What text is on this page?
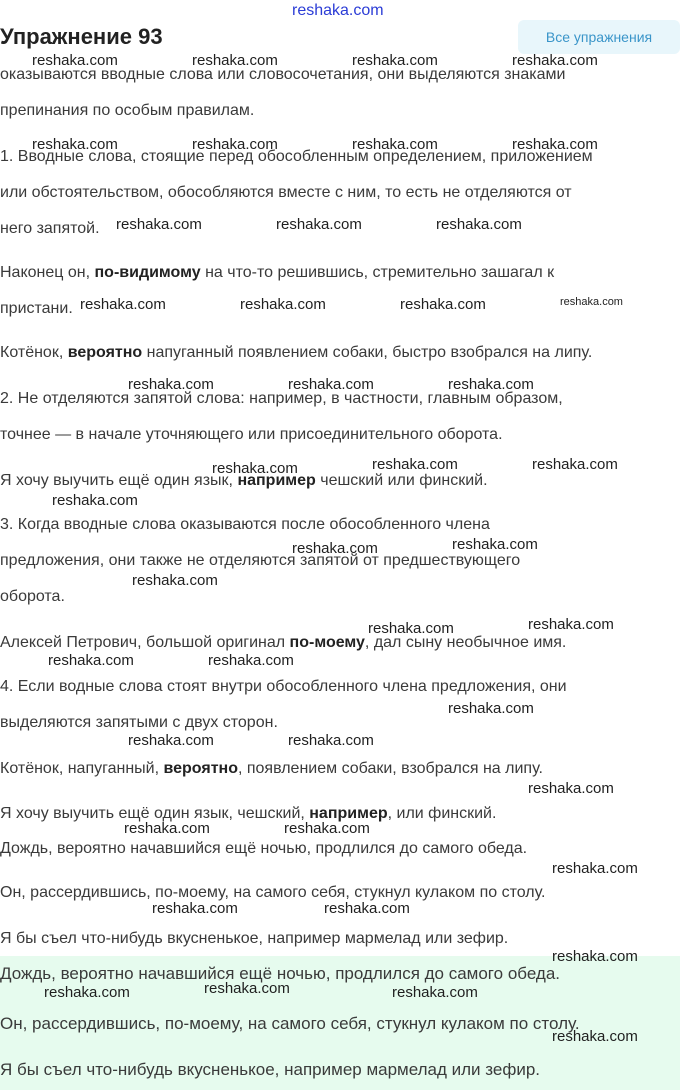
reshaka.com
Упражнение 93	Все упражнения
оказываются вводные слова или словосочетания, они выделяются знаками
препинания по особым правилам.
1. Вводные слова, стоящие перед обособленным определением, приложением
или обстоятельством, обособляются вместе с ним, то есть не отделяются от
него запятой.
Наконец он, по-видимому на что-то решившись, стремительно зашагал к
пристани.
Котёнок, вероятно напуганный появлением собаки, быстро взобрался на липу.
2. Не отделяются запятой слова: например, в частности, главным образом,
точнее — в начале уточняющего или присоединительного оборота.
Я хочу выучить ещё один язык, например чешский или финский.
3. Когда вводные слова оказываются после обособленного члена
предложения, они также не отделяются запятой от предшествующего
оборота.
Алексей Петрович, большой оригинал по-моему, дал сыну необычное имя.
4. Если водные слова стоят внутри обособленного члена предложения, они
выделяются запятыми с двух сторон.
Котёнок, напуганный, вероятно, появлением собаки, взобрался на липу.
Я хочу выучить ещё один язык, чешский, например, или финский.
Дождь, вероятно начавшийся ещё ночью, продлился до самого обеда.
Он, рассердившись, по-моему, на самого себя, стукнул кулаком по столу.
Я бы съел что-нибудь вкусненькое, например мармелад или зефир.
Дождь, вероятно начавшийся ещё ночью, продлился до самого обеда.
Он, рассердившись, по-моему, на самого себя, стукнул кулаком по столу.
Я бы съел что-нибудь вкусненькое, например мармелад или зефир.
reshaka.com	reshaka.com	reshaka.com	reshaka.com
reshaka.com	reshaka.com	reshaka.com	reshaka.com
reshaka.com	reshaka.com	reshaka.com
reshaka.com	reshaka.com	reshaka.com	reshaka.com
reshaka.com	reshaka.com	reshaka.com
reshaka.com	reshaka.com	reshaka.com
reshaka.com
reshaka.com	reshaka.com
reshaka.com
reshaka.com	reshaka.com
reshaka.com	reshaka.com
reshaka.com
reshaka.com	reshaka.com
reshaka.com
reshaka.com	reshaka.com
reshaka.com
reshaka.com	reshaka.com
reshaka.com
reshaka.com	reshaka.com	reshaka.com
reshaka.com
